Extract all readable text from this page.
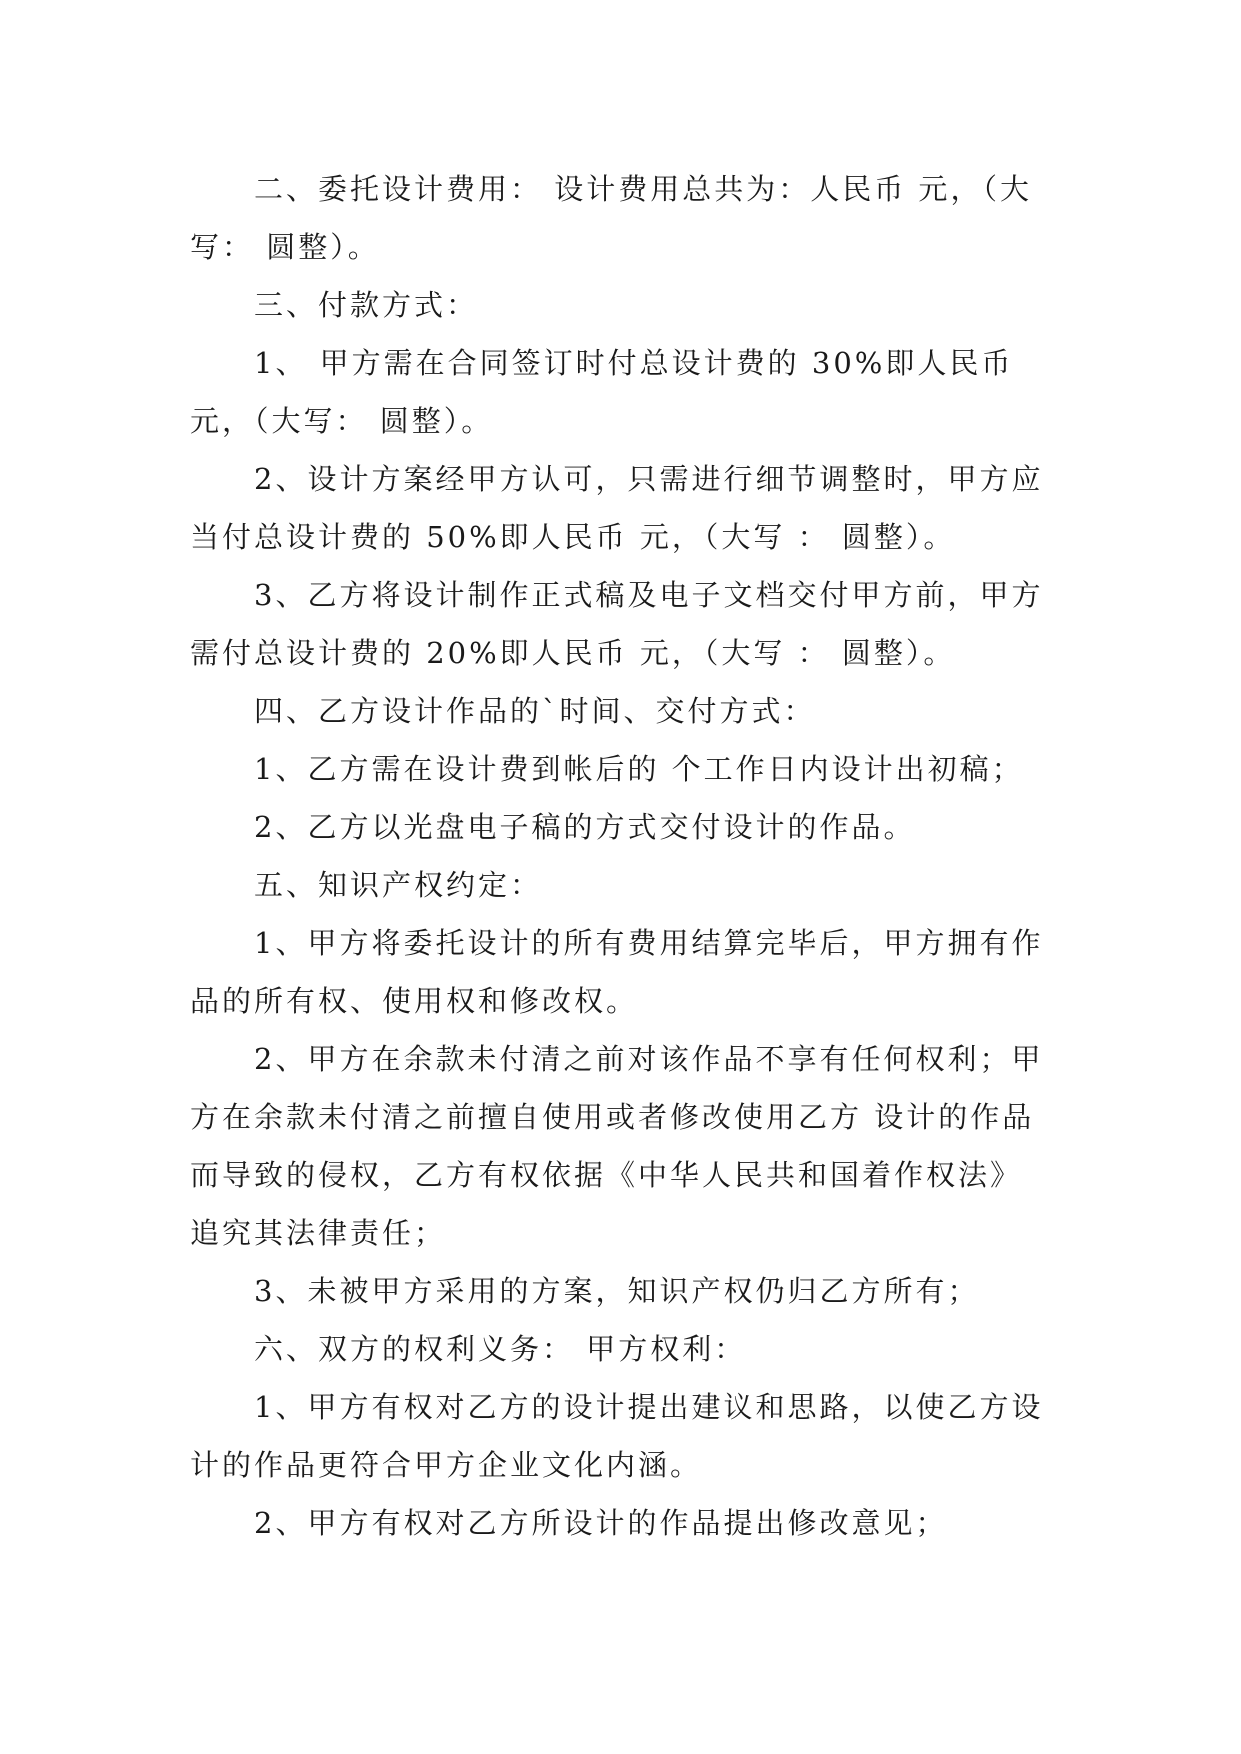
二、委托设计费用： 设计费用总共为：人民币 元，（大写： 圆整）。

三、付款方式：

1、 甲方需在合同签订时付总设计费的 30%即人民币 元，（大写： 圆整）。

2、设计方案经甲方认可，只需进行细节调整时，甲方应当付总设计费的 50%即人民币 元，（大写 ： 圆整）。

3、乙方将设计制作正式稿及电子文档交付甲方前，甲方需付总设计费的 20%即人民币 元，（大写 ： 圆整）。

四、乙方设计作品的`时间、交付方式：

1、乙方需在设计费到帐后的 个工作日内设计出初稿；

2、乙方以光盘电子稿的方式交付设计的作品。

五、知识产权约定：

1、甲方将委托设计的所有费用结算完毕后，甲方拥有作品的所有权、使用权和修改权。

2、甲方在余款未付清之前对该作品不享有任何权利；甲方在余款未付清之前擅自使用或者修改使用乙方 设计的作品而导致的侵权，乙方有权依据《中华人民共和国着作权法》追究其法律责任；

3、未被甲方采用的方案，知识产权仍归乙方所有；

六、双方的权利义务： 甲方权利：

1、甲方有权对乙方的设计提出建议和思路，以使乙方设计的作品更符合甲方企业文化内涵。

2、甲方有权对乙方所设计的作品提出修改意见；
